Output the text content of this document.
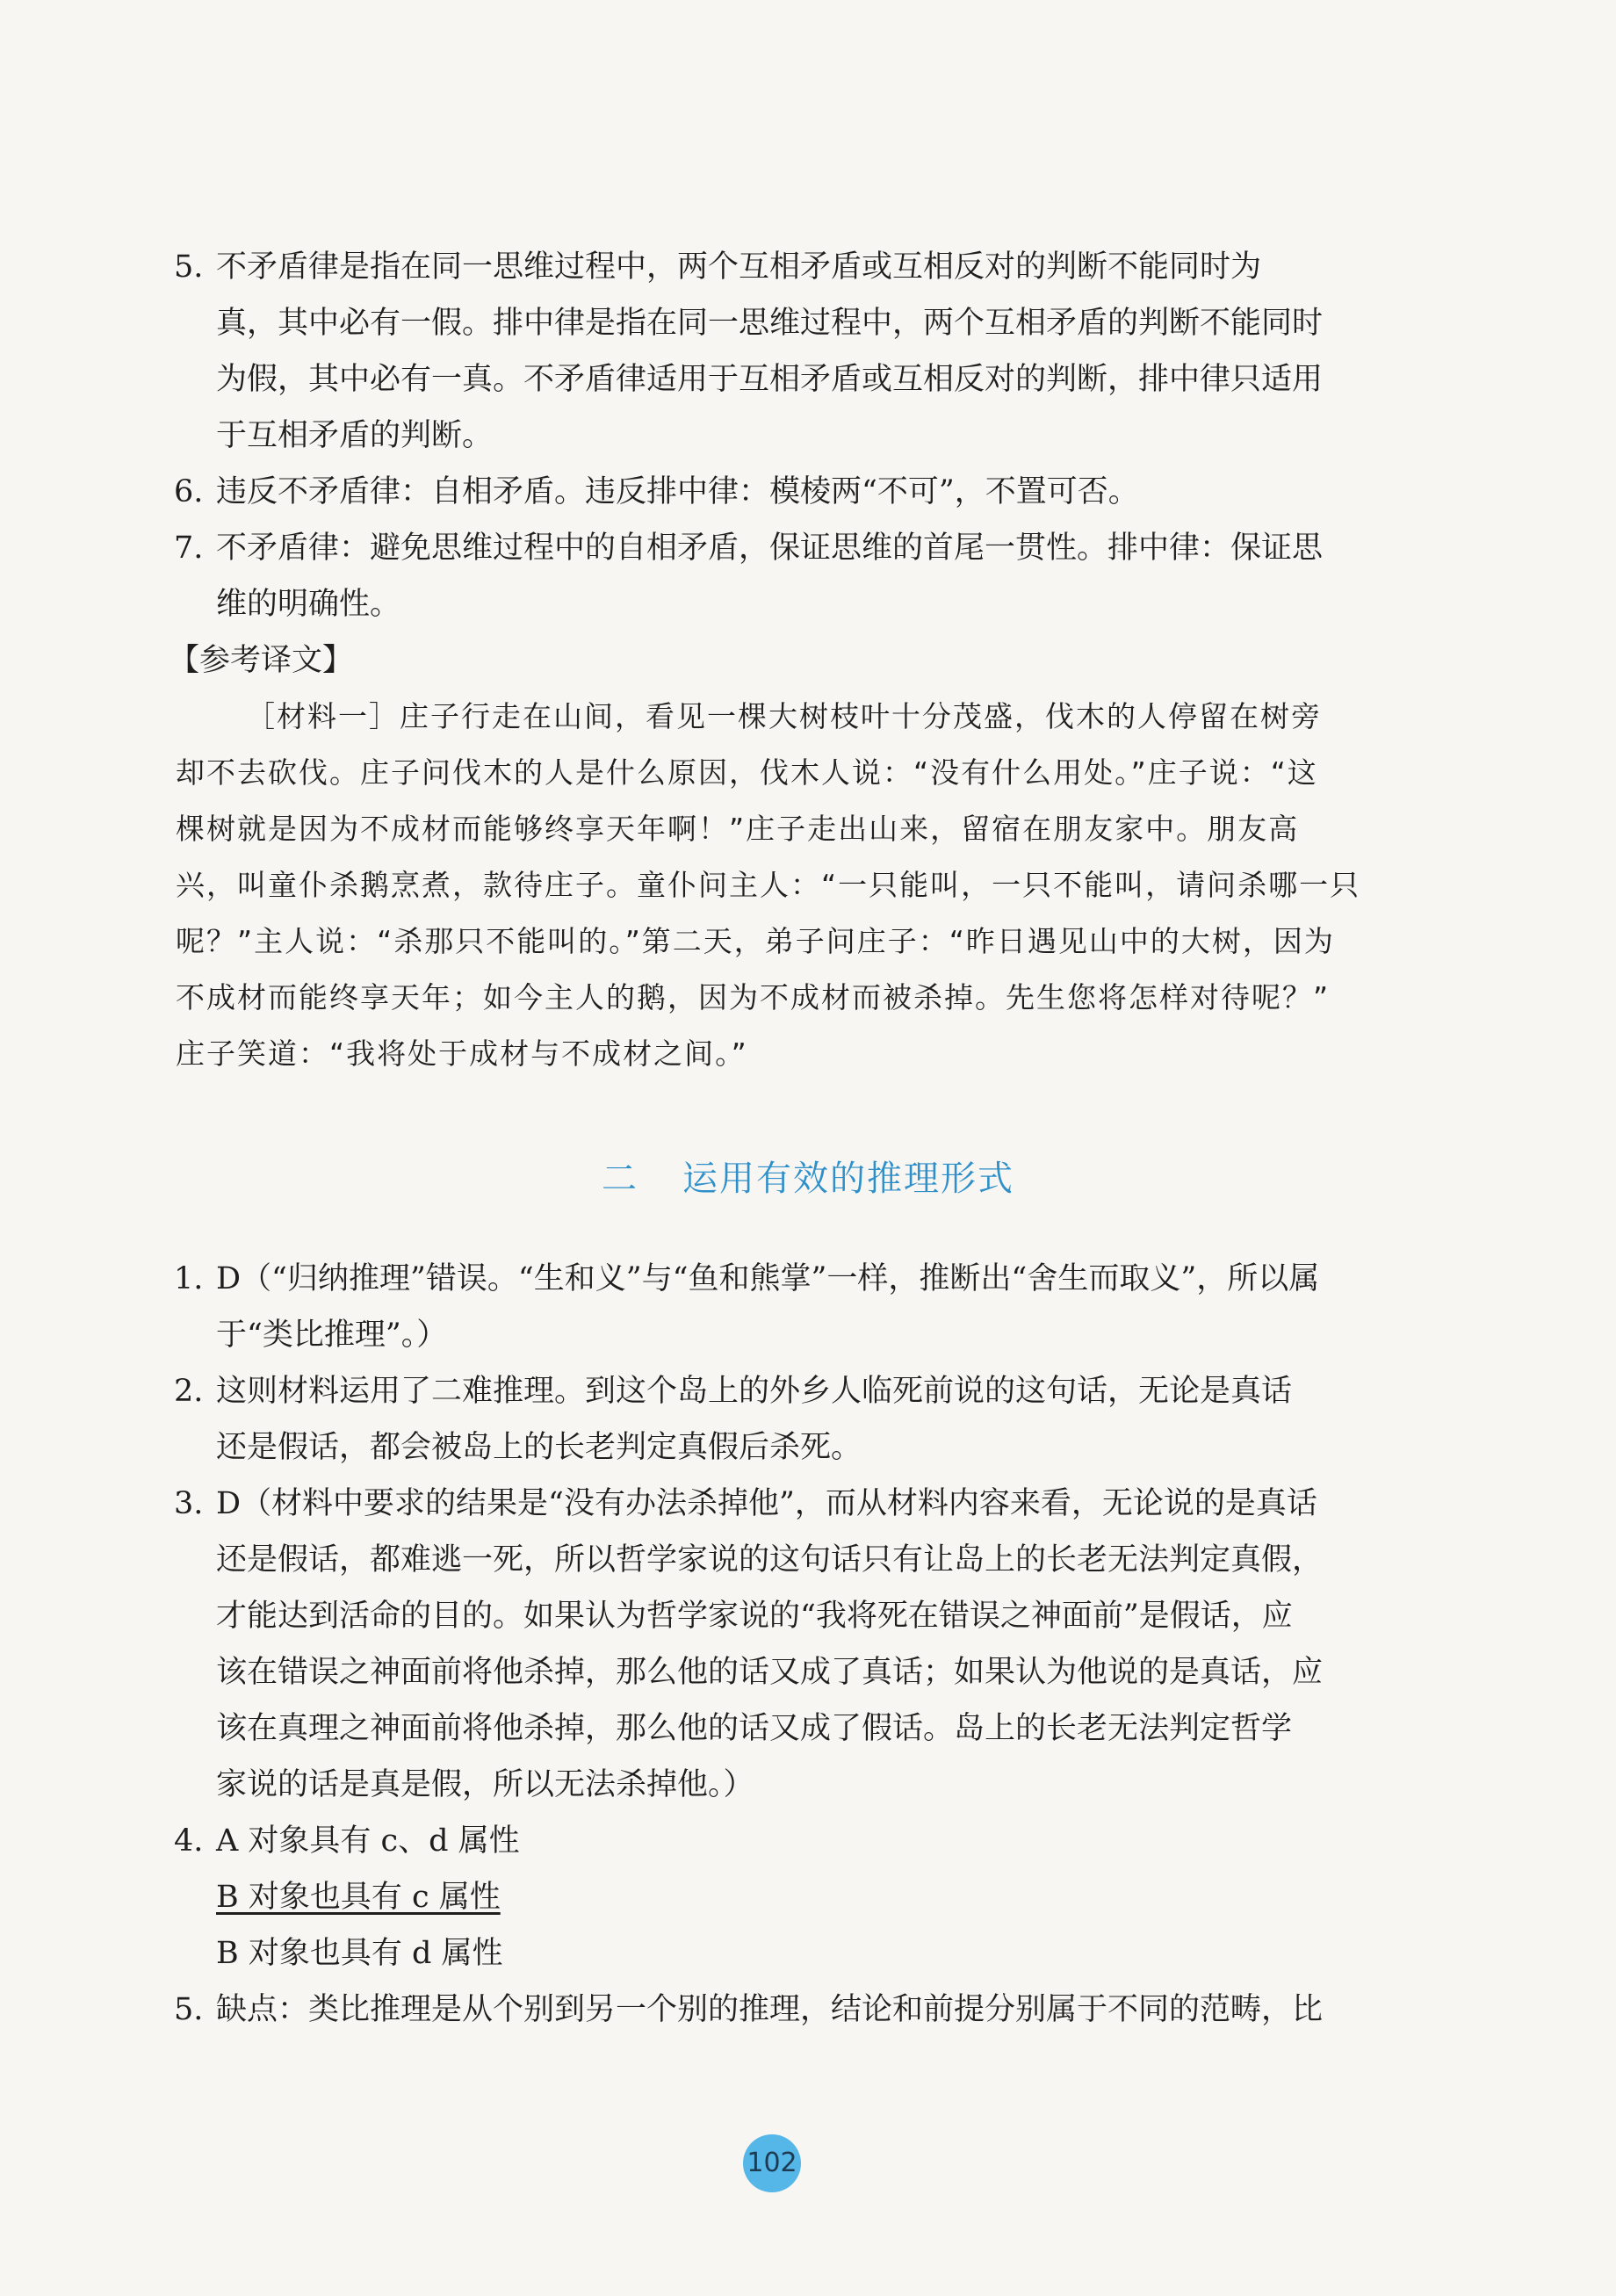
5. 不矛盾律是指在同一思维过程中，两个互相矛盾或互相反对的判断不能同时为
真，其中必有一假。排中律是指在同一思维过程中，两个互相矛盾的判断不能同时
为假，其中必有一真。不矛盾律适用于互相矛盾或互相反对的判断，排中律只适用
于互相矛盾的判断。
6. 违反不矛盾律：自相矛盾。违反排中律：模棱两“不可”，不置可否。
7. 不矛盾律：避免思维过程中的自相矛盾，保证思维的首尾一贯性。排中律：保证思
维的明确性。
【参考译文】
［材料一］庄子行走在山间，看见一棵大树枝叶十分茂盛，伐木的人停留在树旁
却不去砍伐。庄子问伐木的人是什么原因，伐木人说：“没有什么用处。”庄子说：“这
棵树就是因为不成材而能够终享天年啊！”庄子走出山来，留宿在朋友家中。朋友高
兴，叫童仆杀鹅烹煮，款待庄子。童仆问主人：“一只能叫，一只不能叫，请问杀哪一只
呢？”主人说：“杀那只不能叫的。”第二天，弟子问庄子：“昨日遇见山中的大树，因为
不成材而能终享天年；如今主人的鹅，因为不成材而被杀掉。先生您将怎样对待呢？”
庄子笑道：“我将处于成材与不成材之间。”
二 运用有效的推理形式
1. D（“归纳推理”错误。“生和义”与“鱼和熊掌”一样，推断出“舍生而取义”，所以属
于“类比推理”。）
2. 这则材料运用了二难推理。到这个岛上的外乡人临死前说的这句话，无论是真话
还是假话，都会被岛上的长老判定真假后杀死。
3. D（材料中要求的结果是“没有办法杀掉他”，而从材料内容来看，无论说的是真话
还是假话，都难逃一死，所以哲学家说的这句话只有让岛上的长老无法判定真假，
才能达到活命的目的。如果认为哲学家说的“我将死在错误之神面前”是假话，应
该在错误之神面前将他杀掉，那么他的话又成了真话；如果认为他说的是真话，应
该在真理之神面前将他杀掉，那么他的话又成了假话。岛上的长老无法判定哲学
家说的话是真是假，所以无法杀掉他。）
4. A 对象具有 c、d 属性
B 对象也具有 c 属性
B 对象也具有 d 属性
5. 缺点：类比推理是从个别到另一个别的推理，结论和前提分别属于不同的范畴，比
102
